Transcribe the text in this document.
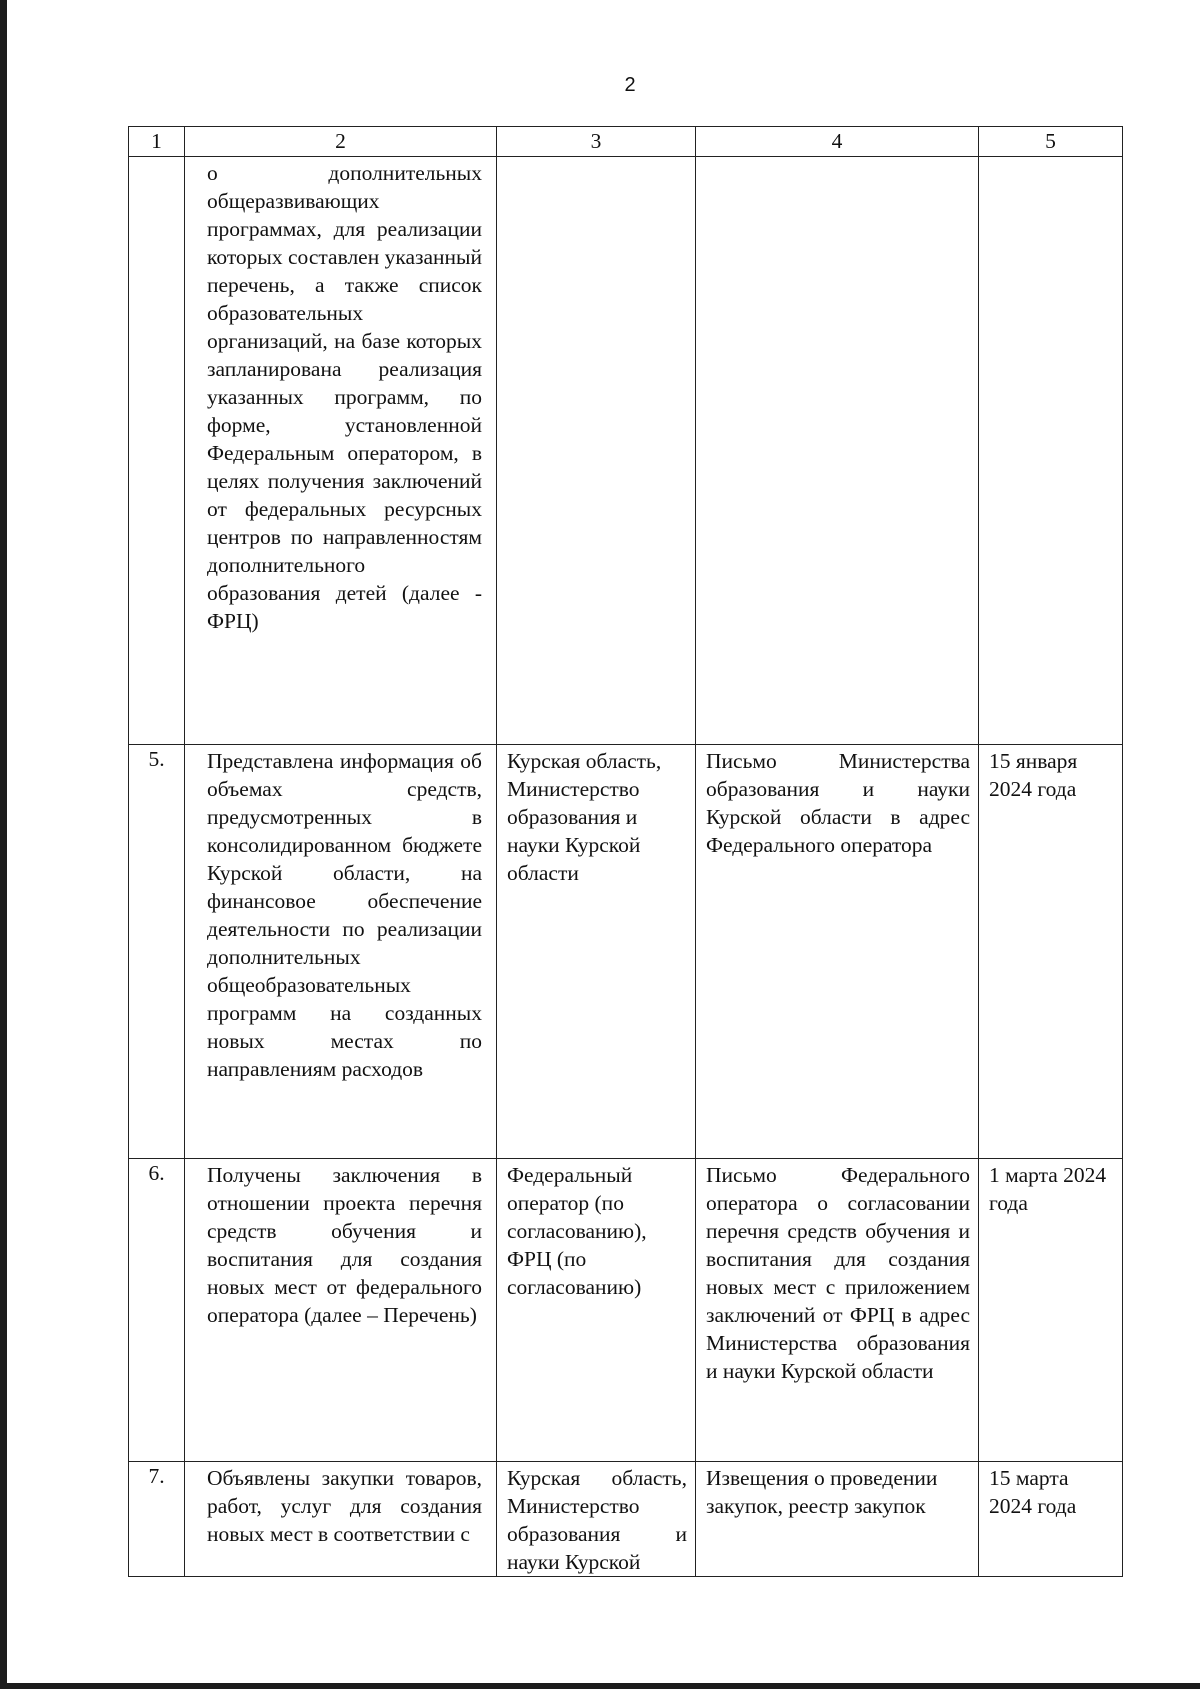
2
1	2	3	4	5
	о дополнительных общеразвивающих программах, для реализации которых составлен указанный перечень, а также список образовательных организаций, на базе которых запланирована реализация указанных программ, по форме, установленной Федеральным оператором, в целях получения заключений от федеральных ресурсных центров по направленностям дополнительного образования детей (далее - ФРЦ)			
5.	Представлена информация об объемах средств, предусмотренных в консолидированном бюджете Курской области, на финансовое обеспечение деятельности по реализации дополнительных общеобразовательных программ на созданных новых местах по направлениям расходов	Курская область, Министерство образования и науки Курской области	Письмо Министерства образования и науки Курской области в адрес Федерального оператора	15 января 2024 года
6.	Получены заключения в отношении проекта перечня средств обучения и воспитания для создания новых мест от федерального оператора (далее – Перечень)	Федеральный оператор (по согласованию), ФРЦ (по согласованию)	Письмо Федерального оператора о согласовании перечня средств обучения и воспитания для создания новых мест с приложением заключений от ФРЦ в адрес Министерства образования и науки Курской области	1 марта 2024 года
7.	Объявлены закупки товаров, работ, услуг для создания новых мест в соответствии с	Курская область, Министерство образования и науки Курской	Извещения о проведении закупок, реестр закупок	15 марта 2024 года
